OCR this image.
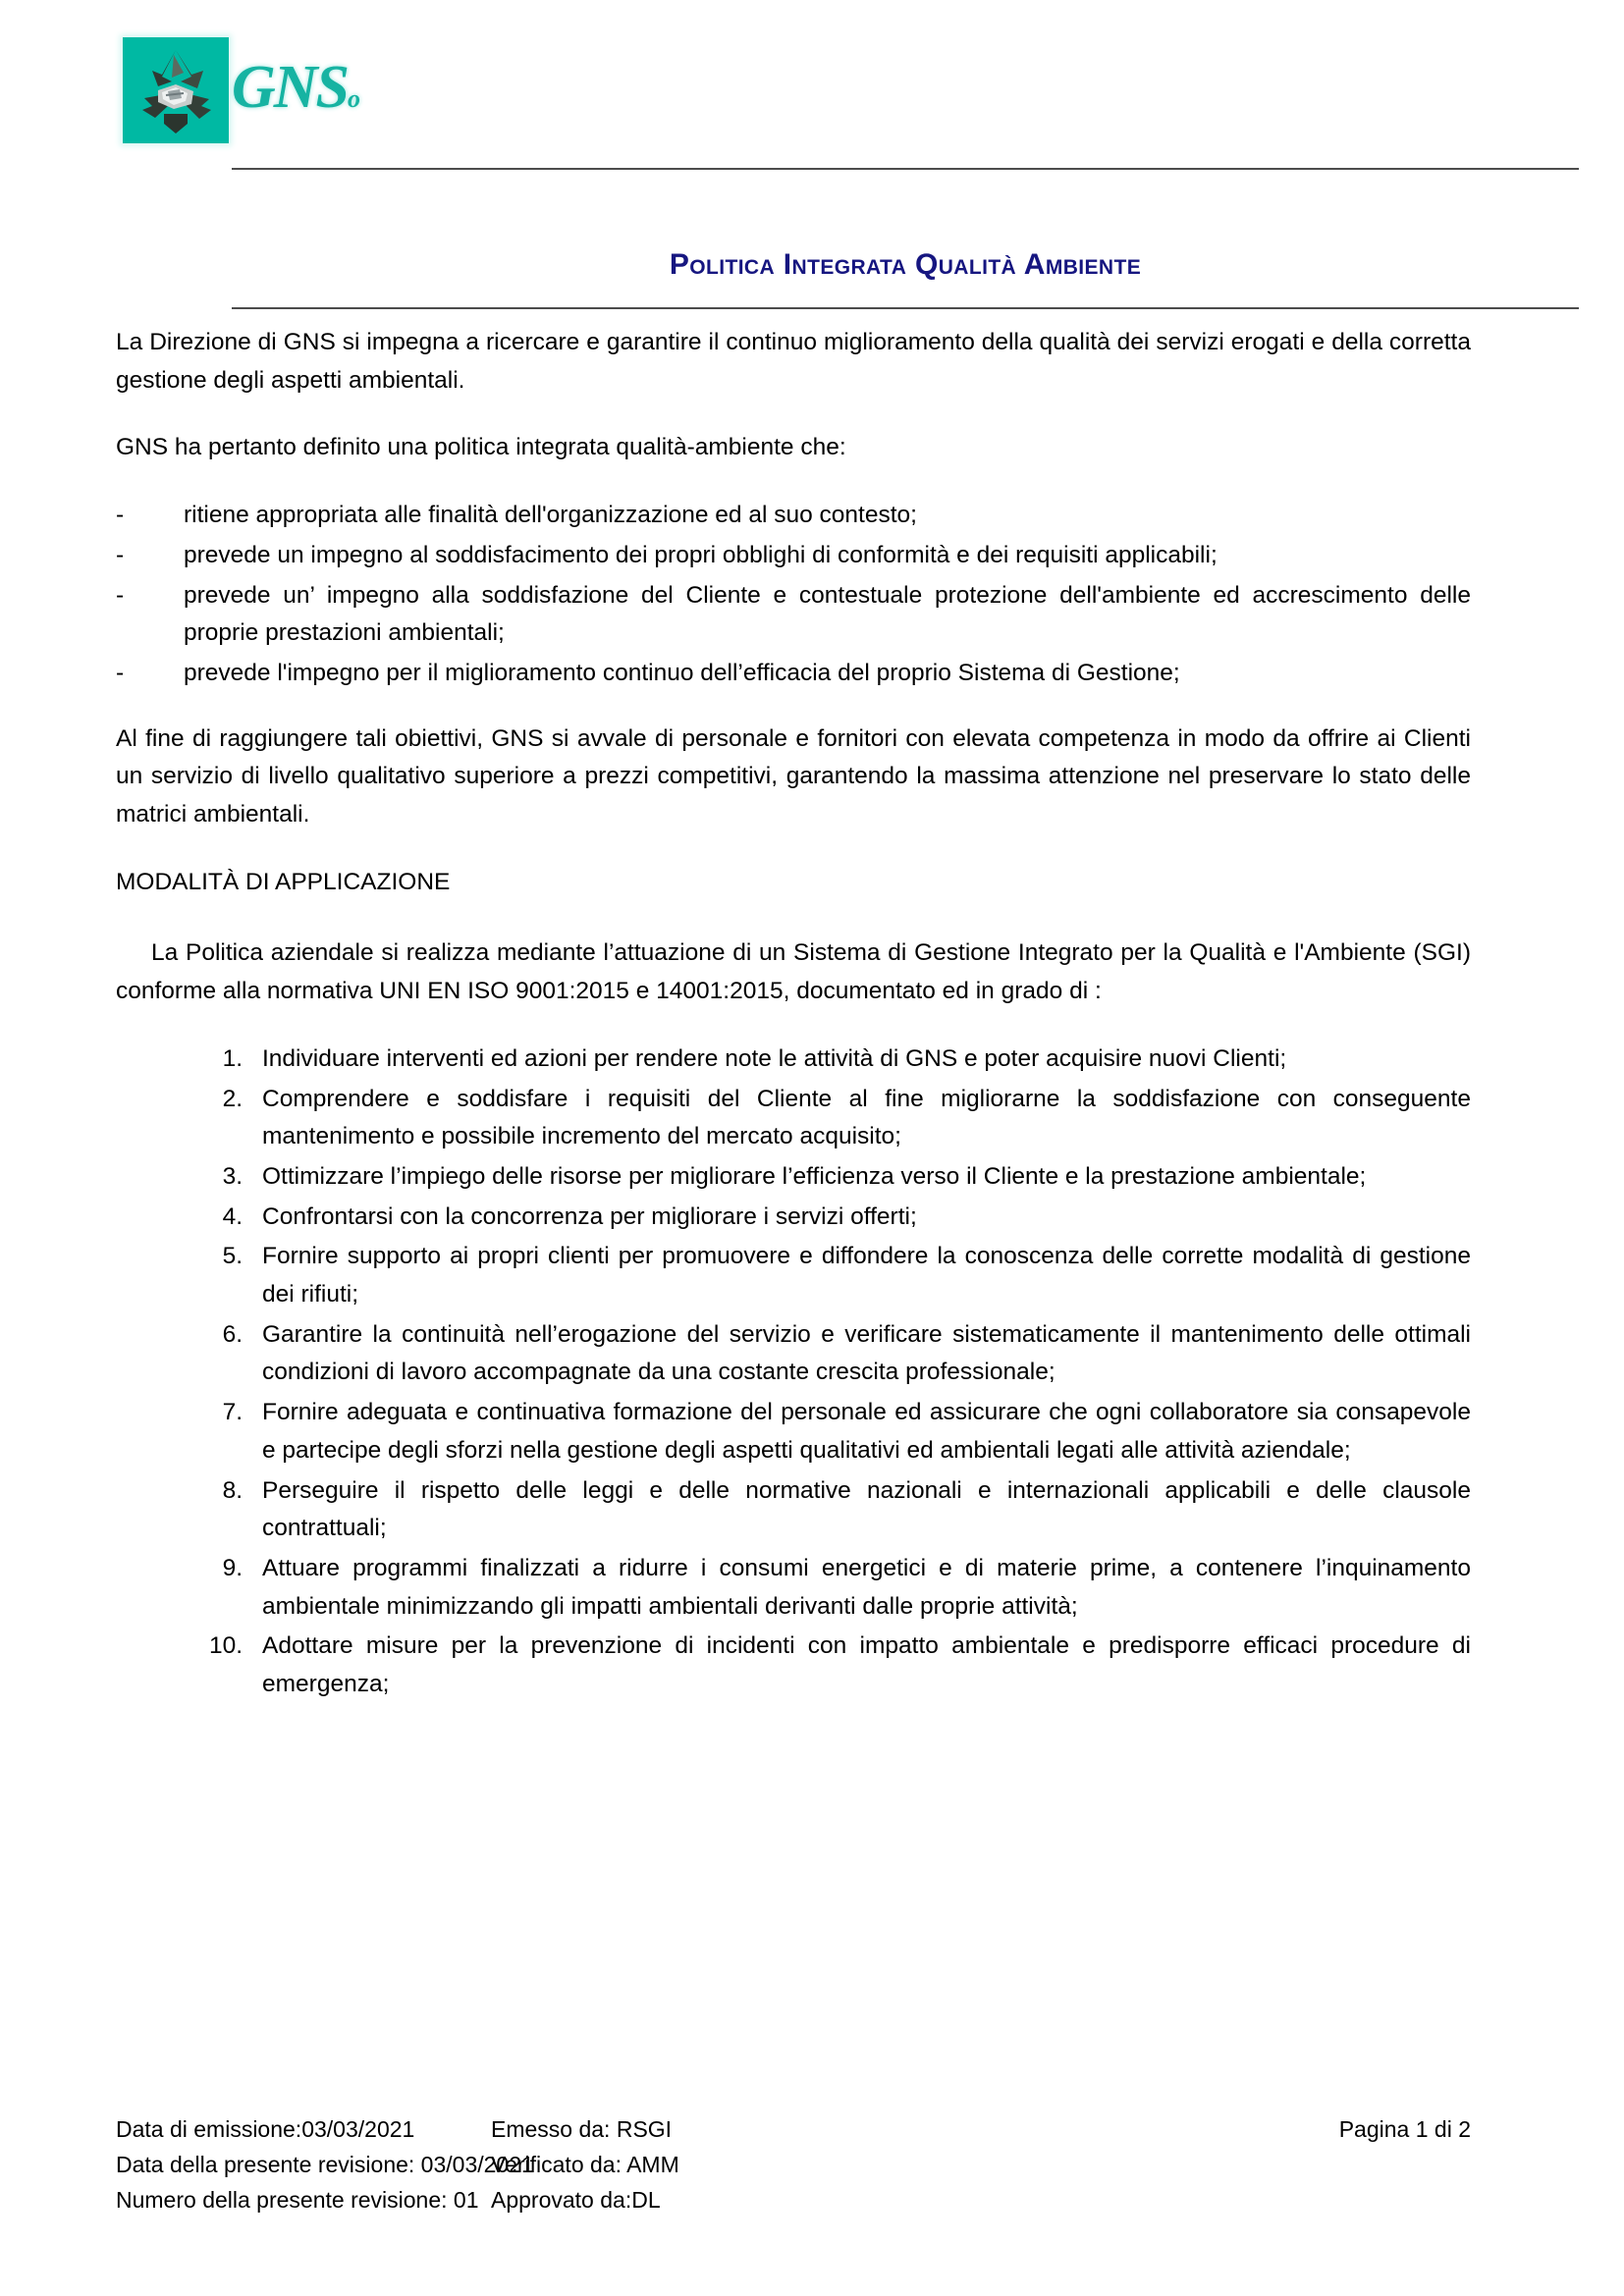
GNSo
Politica Integrata Qualità Ambiente

La Direzione di GNS si impegna a ricercare e garantire il continuo miglioramento della qualità dei servizi erogati e della corretta gestione degli aspetti ambientali.

GNS ha pertanto definito una politica integrata qualità-ambiente che:

- ritiene appropriata alle finalità dell'organizzazione ed al suo contesto;
- prevede un impegno al soddisfacimento dei propri obblighi di conformità e dei requisiti applicabili;
- prevede un’ impegno alla soddisfazione del Cliente e contestuale protezione dell'ambiente ed accrescimento delle proprie prestazioni ambientali;
- prevede l'impegno per il miglioramento continuo dell’efficacia del proprio Sistema di Gestione;

Al fine di raggiungere tali obiettivi, GNS si avvale di personale e fornitori con elevata competenza in modo da offrire ai Clienti un servizio di livello qualitativo superiore a prezzi competitivi, garantendo la massima attenzione nel preservare lo stato delle matrici ambientali.

MODALITÀ DI APPLICAZIONE

La Politica aziendale si realizza mediante l’attuazione di un Sistema di Gestione Integrato per la Qualità e l'Ambiente (SGI) conforme alla normativa UNI EN ISO 9001:2015 e 14001:2015, documentato ed in grado di :

1. Individuare interventi ed azioni per rendere note le attività di GNS e poter acquisire nuovi Clienti;
2. Comprendere e soddisfare i requisiti del Cliente al fine migliorarne la soddisfazione con conseguente mantenimento e possibile incremento del mercato acquisito;
3. Ottimizzare l’impiego delle risorse per migliorare l’efficienza verso il Cliente e la prestazione ambientale;
4. Confrontarsi con la concorrenza per migliorare i servizi offerti;
5. Fornire supporto ai propri clienti per promuovere e diffondere la conoscenza delle corrette modalità di gestione dei rifiuti;
6. Garantire la continuità nell’erogazione del servizio e verificare sistematicamente il mantenimento delle ottimali condizioni di lavoro accompagnate da una costante crescita professionale;
7. Fornire adeguata e continuativa formazione del personale ed assicurare che ogni collaboratore sia consapevole e partecipe degli sforzi nella gestione degli aspetti qualitativi ed ambientali legati alle attività aziendale;
8. Perseguire il rispetto delle leggi e delle normative nazionali e internazionali applicabili e delle clausole contrattuali;
9. Attuare programmi finalizzati a ridurre i consumi energetici e di materie prime, a contenere l’inquinamento ambientale minimizzando gli impatti ambientali derivanti dalle proprie attività;
10. Adottare misure per la prevenzione di incidenti con impatto ambientale e predisporre efficaci procedure di emergenza;
Data di emissione:03/03/2021	Emesso da: RSGI	Pagina 1 di 2
Data della presente revisione: 03/03/2021
Verificato da: AMM
Numero della presente revisione: 01 Approvato da:DL
